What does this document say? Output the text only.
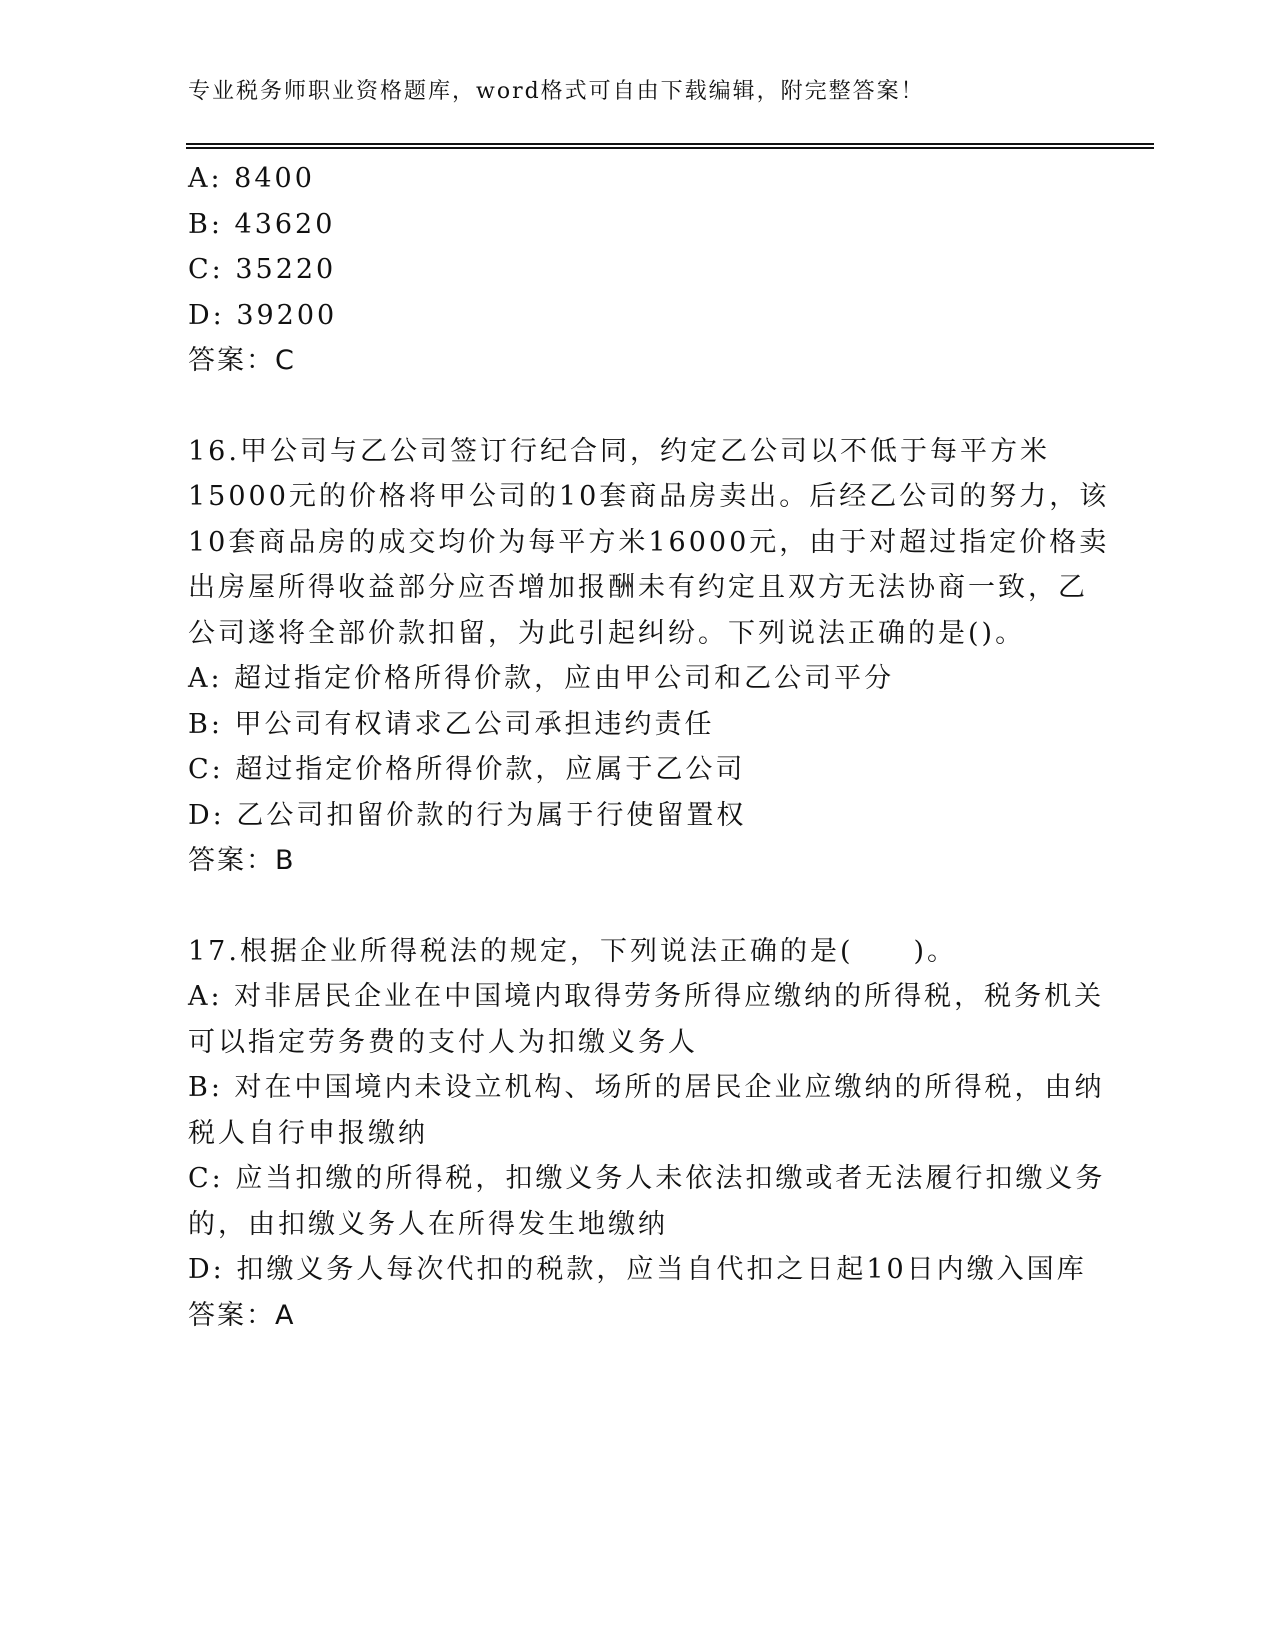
专业税务师职业资格题库，word格式可自由下载编辑，附完整答案！
A: 8400
B: 43620
C: 35220
D: 39200
答案：C
16.甲公司与乙公司签订行纪合同，约定乙公司以不低于每平方米
15000元的价格将甲公司的10套商品房卖出。后经乙公司的努力，该
10套商品房的成交均价为每平方米16000元，由于对超过指定价格卖
出房屋所得收益部分应否增加报酬未有约定且双方无法协商一致，乙
公司遂将全部价款扣留，为此引起纠纷。下列说法正确的是()。
A: 超过指定价格所得价款，应由甲公司和乙公司平分
B: 甲公司有权请求乙公司承担违约责任
C: 超过指定价格所得价款，应属于乙公司
D: 乙公司扣留价款的行为属于行使留置权
答案：B
17.根据企业所得税法的规定，下列说法正确的是(　　)。
A: 对非居民企业在中国境内取得劳务所得应缴纳的所得税，税务机关
可以指定劳务费的支付人为扣缴义务人
B: 对在中国境内未设立机构、场所的居民企业应缴纳的所得税，由纳
税人自行申报缴纳
C: 应当扣缴的所得税，扣缴义务人未依法扣缴或者无法履行扣缴义务
的，由扣缴义务人在所得发生地缴纳
D: 扣缴义务人每次代扣的税款，应当自代扣之日起10日内缴入国库
答案：A
